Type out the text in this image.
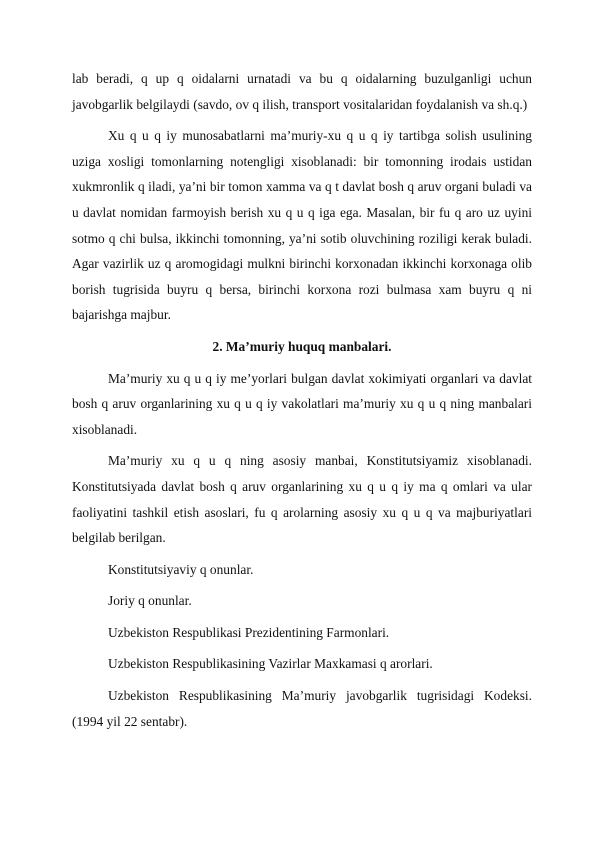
lab beradi, q up q oidalarni urnatadi va bu q oidalarning buzulganligi uchun javobgarlik belgilaydi (savdo, ov q ilish, transport vositalaridan foydalanish va sh.q.)

Xu q u q iy munosabatlarni ma’muriy-xu q u q iy tartibga solish usulining uziga xosligi tomonlarning notengligi xisoblanadi: bir tomonning irodais ustidan xukmronlik q iladi, ya’ni bir tomon xamma va q t davlat bosh q aruv organi buladi va u davlat nomidan farmoyish berish xu q u q iga ega. Masalan, bir fu q aro uz uyini sotmo q chi bulsa, ikkinchi tomonning, ya’ni sotib oluvchining roziligi kerak buladi. Agar vazirlik uz q aromogidagi mulkni birinchi korxonadan ikkinchi korxonaga olib borish tugrisida buyru q bersa, birinchi korxona rozi bulmasa xam buyru q ni bajarishga majbur.

2. Ma’muriy huquq manbalari.

Ma’muriy xu q u q iy me’yorlari bulgan davlat xokimiyati organlari va davlat bosh q aruv organlarining xu q u q iy vakolatlari ma’muriy xu q u q ning manbalari xisoblanadi.

Ma’muriy xu q u q ning asosiy manbai, Konstitutsiyamiz xisoblanadi. Konstitutsiyada davlat bosh q aruv organlarining xu q u q iy ma q omlari va ular faoliyatini tashkil etish asoslari, fu q arolarning asosiy xu q u q va majburiyatlari belgilab berilgan.

Konstitutsiyaviy q onunlar.

Joriy q onunlar.

Uzbekiston Respublikasi Prezidentining Farmonlari.

Uzbekiston Respublikasining Vazirlar Maxkamasi q arorlari.

Uzbekiston Respublikasining Ma’muriy javobgarlik tugrisidagi Kodeksi. (1994 yil 22 sentabr).
